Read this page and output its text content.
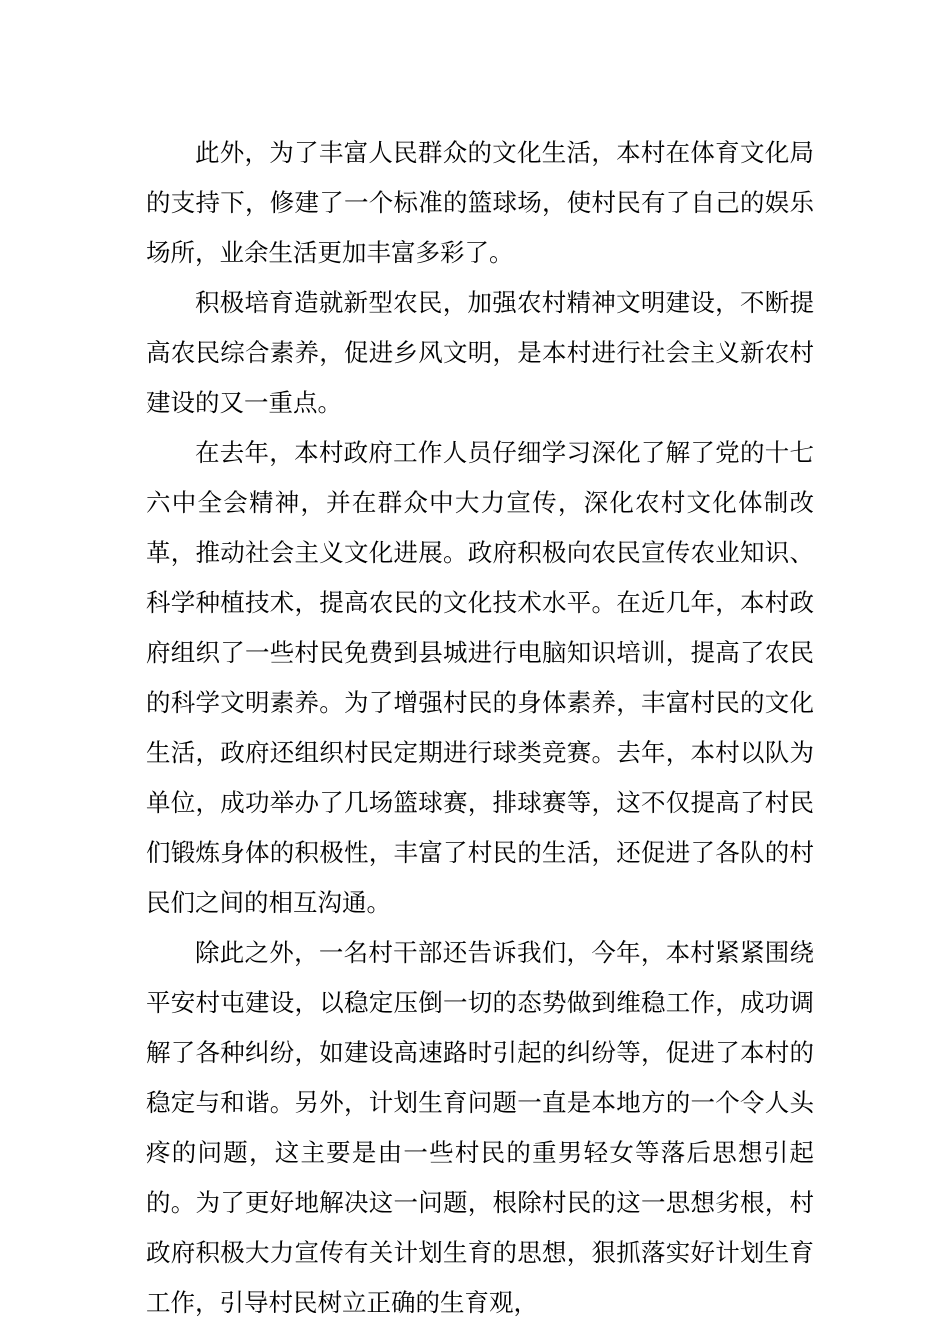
此外，为了丰富人民群众的文化生活，本村在体育文化局的支持下，修建了一个标准的篮球场，使村民有了自己的娱乐场所，业余生活更加丰富多彩了。

积极培育造就新型农民，加强农村精神文明建设，不断提高农民综合素养，促进乡风文明，是本村进行社会主义新农村建设的又一重点。

在去年，本村政府工作人员仔细学习深化了解了党的十七六中全会精神，并在群众中大力宣传，深化农村文化体制改革，推动社会主义文化进展。政府积极向农民宣传农业知识、科学种植技术，提高农民的文化技术水平。在近几年，本村政府组织了一些村民免费到县城进行电脑知识培训，提高了农民的科学文明素养。为了增强村民的身体素养，丰富村民的文化生活，政府还组织村民定期进行球类竞赛。去年，本村以队为单位，成功举办了几场篮球赛，排球赛等，这不仅提高了村民们锻炼身体的积极性，丰富了村民的生活，还促进了各队的村民们之间的相互沟通。

除此之外，一名村干部还告诉我们，今年，本村紧紧围绕平安村屯建设，以稳定压倒一切的态势做到维稳工作，成功调解了各种纠纷，如建设高速路时引起的纠纷等，促进了本村的稳定与和谐。另外，计划生育问题一直是本地方的一个令人头疼的问题，这主要是由一些村民的重男轻女等落后思想引起的。为了更好地解决这一问题，根除村民的这一思想劣根，村政府积极大力宣传有关计划生育的思想，狠抓落实好计划生育工作，引导村民树立正确的生育观，
